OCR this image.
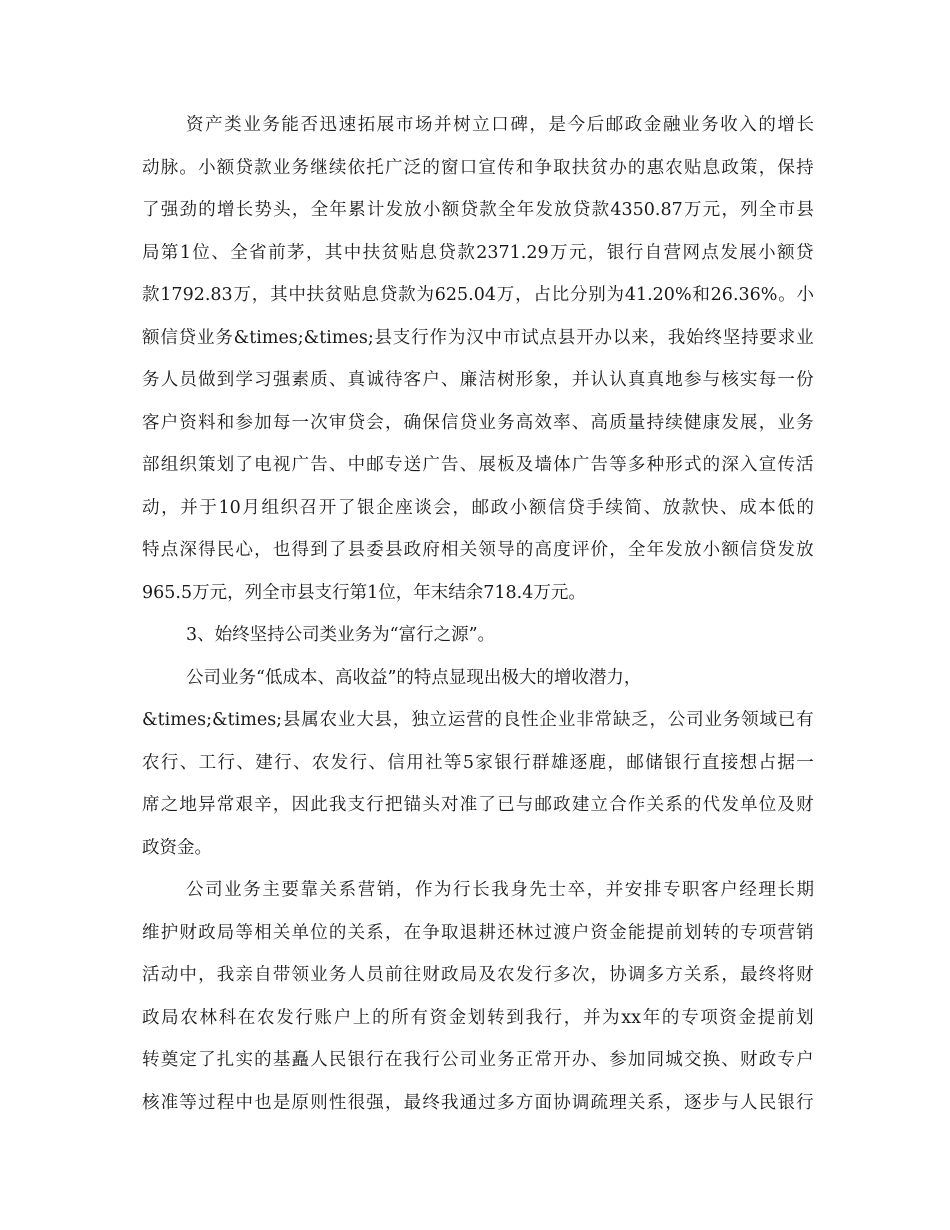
资 产 类 业 务 能 否 迅 速 拓 展 市 场 并 树 立 口 碑 ， 是 今 后 邮 政 金 融 业 务 收 入 的 增 长
动 脉 。 小 额 贷 款 业 务 继 续 依 托 广 泛 的 窗 口 宣 传 和 争 取 扶 贫 办 的 惠 农 贴 息 政 策 ， 保 持
了 强 劲 的 增 长 势 头 ， 全 年 累 计 发 放 小 额 贷 款 全 年 发 放 贷 款 4350.87 万 元 ， 列 全 市 县
局 第 1 位 、 全 省 前 茅 ， 其 中 扶 贫 贴 息 贷 款 2371.29 万 元 ， 银 行 自 营 网 点 发 展 小 额 贷
款 1792.83 万 ， 其 中 扶 贫 贴 息 贷 款 为 625.04 万 ， 占 比 分 别 为 41.20% 和 26.36% 。 小
额 信 贷 业 务 &times;&times; 县 支 行 作 为 汉 中 市 试 点 县 开 办 以 来 ， 我 始 终 坚 持 要 求 业
务 人 员 做 到 学 习 强 素 质 、 真 诚 待 客 户 、 廉 洁 树 形 象 ， 并 认 认 真 真 地 参 与 核 实 每 一 份
客 户 资 料 和 参 加 每 一 次 审 贷 会 ， 确 保 信 贷 业 务 高 效 率 、 高 质 量 持 续 健 康 发 展 ， 业 务
部 组 织 策 划 了 电 视 广 告 、 中 邮 专 送 广 告 、 展 板 及 墙 体 广 告 等 多 种 形 式 的 深 入 宣 传 活
动 ， 并 于 10 月 组 织 召 开 了 银 企 座 谈 会 ， 邮 政 小 额 信 贷 手 续 简 、 放 款 快 、 成 本 低 的
特 点 深 得 民 心 ， 也 得 到 了 县 委 县 政 府 相 关 领 导 的 高 度 评 价 ， 全 年 发 放 小 额 信 贷 发 放
965.5万元，列全市县支行第1位，年末结余718.4万元。
3、始终坚持公司类业务为“富行之源”。
公司业务“低成本、高收益”的特点显现出极大的增收潜力，
&times;&times; 县 属 农 业 大 县 ， 独 立 运 营 的 良 性 企 业 非 常 缺 乏 ， 公 司 业 务 领 域 已 有
农 行 、 工 行 、 建 行 、 农 发 行 、 信 用 社 等 5 家 银 行 群 雄 逐 鹿 ， 邮 储 银 行 直 接 想 占 据 一
席 之 地 异 常 艰 辛 ， 因 此 我 支 行 把 锚 头 对 准 了 已 与 邮 政 建 立 合 作 关 系 的 代 发 单 位 及 财
政资金。
公 司 业 务 主 要 靠 关 系 营 销 ， 作 为 行 长 我 身 先 士 卒 ， 并 安 排 专 职 客 户 经 理 长 期
维 护 财 政 局 等 相 关 单 位 的 关 系 ， 在 争 取 退 耕 还 林 过 渡 户 资 金 能 提 前 划 转 的 专 项 营 销
活 动 中 ， 我 亲 自 带 领 业 务 人 员 前 往 财 政 局 及 农 发 行 多 次 ， 协 调 多 方 关 系 ， 最 终 将 财
政 局 农 林 科 在 农 发 行 账 户 上 的 所 有 资 金 划 转 到 我 行 ， 并 为 xx 年 的 专 项 资 金 提 前 划
转 奠 定 了 扎 实 的 基 矗 人 民 银 行 在 我 行 公 司 业 务 正 常 开 办 、 参 加 同 城 交 换 、 财 政 专 户
核 准 等 过 程 中 也 是 原 则 性 很 强 ， 最 终 我 通 过 多 方 面 协 调 疏 理 关 系 ， 逐 步 与 人 民 银 行
